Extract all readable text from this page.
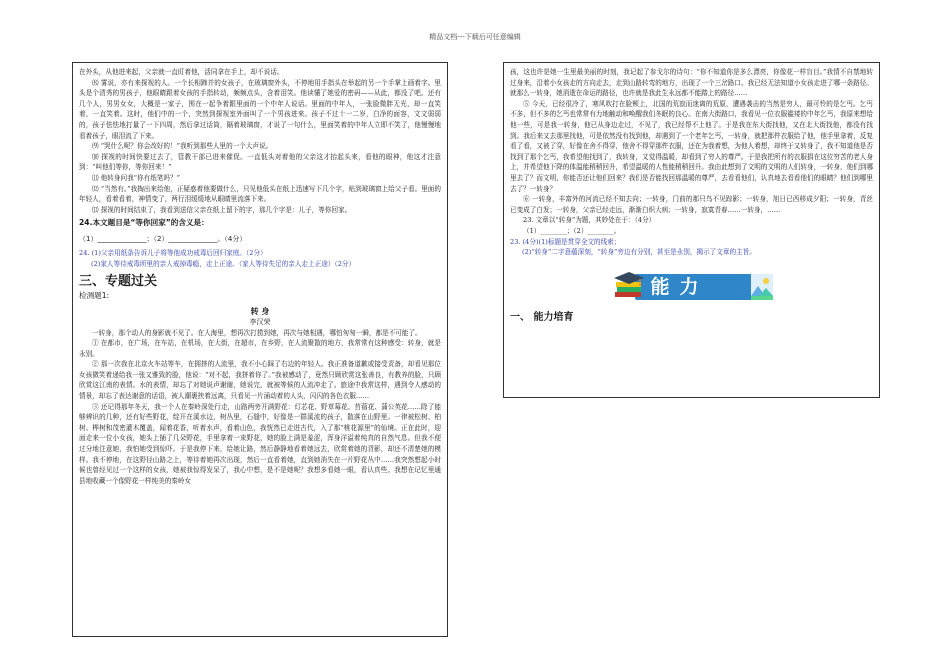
精品文档---下载后可任意编辑

在外头，从他进来起，父亲就一直盯着他，活同拿在手上，却不说话。

⑻ 雾说，亦有来探视的人。一个长相蹄并的女孩子，在玻璃窗外头，不停地用手指头在举起的另一个手掌上画着字。里头是个清秀的男孩子，他眼睛跟着女孩的手指转动，频频点头，含着泪笑。他读懂了她爱的密码——从此，都没了吧。还有几个人，男男女女，大概是一家子，围在一起争着跟里面的一个中年人说话。里面的中年人，一张脸微胖无光，却一直笑着，一直笑着。这时，他们中的一个，突然到探视室外面叫了一个男孩进来。孩子不过十一二岁，白净的面容，文文弱弱的，孩子怯怯地打量了一下四周，然后拿过话筒，隔着玻璃窗，才说了一句什么，里面笑着的中年人立即不笑了，他慢慢地看着孩子，眼泪流了下来。

⑼ “哭什么呢？你会改好的！”我听到那些人里的一个大声说。

⑽ 探视的时间快要过去了，管教干部已进来催促。一直低头对着他的父亲这才抬起头来，看他的眼神，他这才注意到：“叫他们等你，等你回来！”

⑾ 他转身问我“你有纸笔吗？”

⑿ “当然有。”我掏出来给他，正疑惑着他要做什么，只见他低头在纸上迅速写下几个字，贴到玻璃窗上给父子看。里面的年轻人，看着看着，神情变了，两行泪缓缓地从眼睛里流落下来。

⒀ 探视的时间结束了，我看到送信父亲在纸上留下的字，那几个字是：儿子，等你回家。

24.本文题目是“等你回家”的含义是：
（1）______________；（2）______________。（4分）
24. (1)父亲用纸条告诉儿子将等他成功戒毒后回归家庭。（2分）
(2)家人等待戒毒所里的亲人戒掉毒瘾，走上正途。（家人等待失足的亲人走上正途）（2分）
三、专题过关
检测题1:
转 身
李汉荣

一转身，那个动人的身影就不见了。在人海里，想再次打捞到她，再次与她相遇，哪怕匆匆一瞬，都是不可能了。

① 在都市，在广场，在车站，在机场，在大街，在超市，在乡野，在人流聚散的地方，我常常有这种感受：转身，就是永别。

② 那一次我在北京火车站等车，在拥挤的人流里，我不小心踩了右边的年轻人。我正准备道歉或接受责备，却看见那位女孩微笑着递给我一张又雅致的脸，他说：“对不起，我挤着你了。”我被感动了，竟然只顾欣赏这张善良，有教养的脸，只顾欣赏这江南的表情。水的表情，却忘了对她说声谢谢，她说完，就被等候的人流冲走了。旅途中我常这样，遇到令人感动的情景，却忘了表达谢意的话语，被人潮裹挟着远离，只看见一片涌动着的人头，闪闪的各色衣服……

③ 还记得那年冬天，我一个人在秦岭深处行走，山路两旁开满野花：灯芯花、野草莓花、苜蓿花、蒲公英花……除了能够辨识的几种，还有好些野花，绽开在溪水边，树丛里，石缝中，好像是一群溪流的孩子，散落在山野里。一律被松树、柏树、桦树和茂密灌木覆盖，闻着花香，听着水声，看着山色，我恍然已走进古代，入了那“桃花源里”的仙境。正在此时，迎面走来一位小女孩，她头上插了几朵野花，手里拿着一束野花，她的脸上满是羞涩，浑身洋溢着纯真的自然气息。但我不便过分地注意她，我怕她受到惊吓。于是我停下来，给她让路，然后静静地看着她远去，欣赏着她的背影，却还不清楚她的模样。我不停地，在这野径山路之上，等待着她再次出现，然后一直看着她，直到她消失在一片野花丛中……我突然想起小时候也曾经见过一个这样的女孩，她被我惊得发呆了，我心中想，是不是她呢？我想多看她一眼，看认真些。我想在记忆里通县地收藏一个像野花一样纯美的秦岭女

孩，这也许是她一生里最美丽的时刻，我记起了参戈尔的诗句：“你不知道你是多么漂亮，你像花一样盲目。”我情不自禁地转过身来，沿着小女孩走的方向走去，走到山路转弯的地方，出现了一个三岔路口。我已经无法知道小女孩走进了哪一条路径。就那么一转身，她消逝在命运的路径，也许就是我此生永远都不能踏上的路径……

⑤ 今天，已经很冷了，寒风吹打在脸颊上，北国的荒寂而迷离的荒原，遭遇袭击的当然是穷人，最可怜的是乞丐。乞丐不多，但不多的乞丐也常常有力地触动和唤醒我们冬眠的良心。在南大街路口，我看见一位衣服褴褛的中年乞丐，我原来想给他一些，可是我一转身，他已从身边走过，不见了，我已经帮不上他了。于是我在东大街找他，又在北大街找他，都没有找到。我后来又去那里找他，可是依然没有找到他，却遇到了一个老年乞丐，一转身，就把那件衣服给了他，他手里拿着，反复看了看，又被了穿，好像在舍不得穿，他舍不得穿那件衣服，还在为我着想，为他人着想，却终于又转身了，我不知道他是否找到了那个乞丐，我希望他找到了，我转身，又觉得温暖，却看到了穷人的尊严。于是我把所有的衣服捐在这位穷苦的老人身上，并希望他下降的体温能稍稍回升，希望温暖的人性能稍稍回升。我由此想到了文明的文明的人们转身，一转身，他们到哪里去了？而文明，你能否还让他们回来？我们是否能找回那温暖的尊严，去看看他们，认真地去看看他们的眼睛？他们到哪里去了？一转身？

⑥ 一转身，丰富外的河流已经不知去向；一转身，门前的那只鸟不见踪影；一转身，旭日已西移成夕阳；一转身，青丝已变成了白发；一转身，父亲已经走远，渐渐白炽大病；一转身，寂寞青春……一转身，……

23. 文章以“转身”为题，其妙处在于：（4分）

（1）________；（2）________。

23. (4分)(1)标题是贯穿全文的线索；
(2)“转身”二字意蕴深刻，“转身”旁边有分别，甚至是永别，揭示了文章的主旨。
能力
一、 能力培育
